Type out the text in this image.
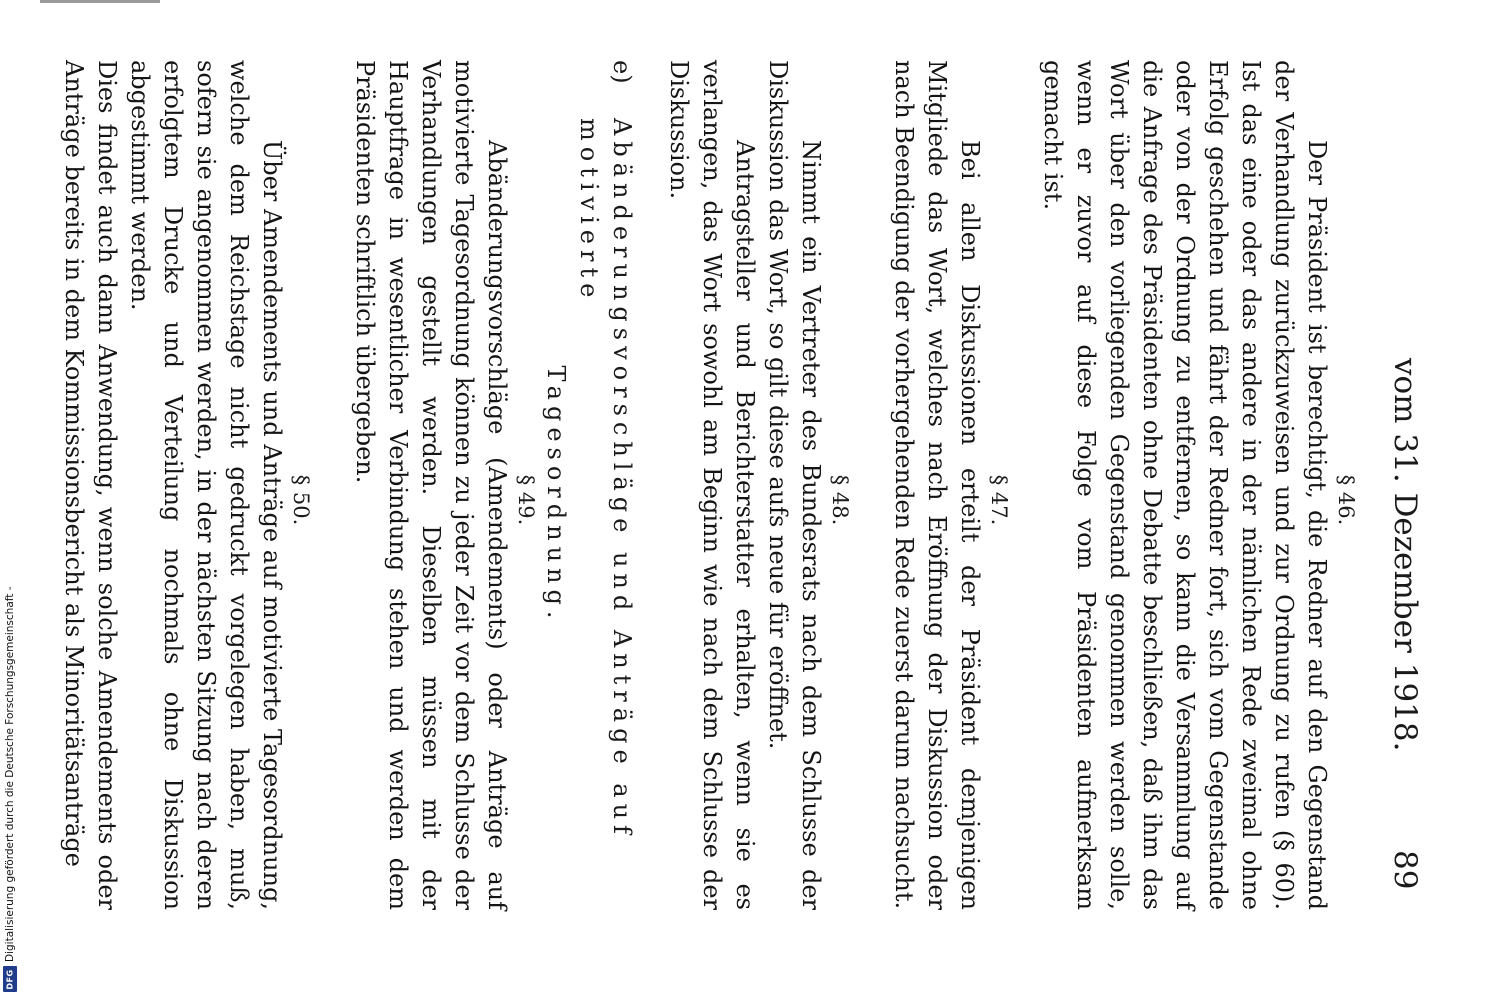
Digitalisierung gefördert durch die Deutsche Forschungsgemeinschaft -
DFG
vom 31. Dezember 1918.
89

§ 46.

Der Präsident ist berechtigt, die Redner auf den Gegenstand der Verhandlung zurückzuweisen und zur Ordnung zu rufen (§ 60). Ist das eine oder das andere in der nämlichen Rede zweimal ohne Erfolg geschehen und fährt der Redner fort, sich vom Gegenstande oder von der Ordnung zu entfernen, so kann die Versammlung auf die Anfrage des Präsidenten ohne Debatte beschließen, daß ihm das Wort über den vorliegenden Gegenstand genommen werden solle, wenn er zuvor auf diese Folge vom Präsidenten aufmerksam gemacht ist.

§ 47.

Bei allen Diskussionen erteilt der Präsident demjenigen Mitgliede das Wort, welches nach Eröffnung der Diskussion oder nach Beendigung der vorhergehenden Rede zuerst darum nachsucht.

§ 48.

Nimmt ein Vertreter des Bundesrats nach dem Schlusse der Diskussion das Wort, so gilt diese aufs neue für eröffnet.

Antragsteller und Berichterstatter erhalten, wenn sie es verlangen, das Wort sowohl am Beginn wie nach dem Schlusse der Diskussion.

e)
Abänderungsvorschläge und Anträge auf motivierte
Tagesordnung.

§ 49.

Abänderungsvorschläge (Amendements) oder Anträge auf motivierte Tagesordnung können zu jeder Zeit vor dem Schlusse der Verhandlungen gestellt werden. Dieselben müssen mit der Hauptfrage in wesentlicher Verbindung stehen und werden dem Präsidenten schriftlich übergeben.

§ 50.

Über Amendements und Anträge auf motivierte Tagesordnung, welche dem Reichstage nicht gedruckt vorgelegen haben, muß, sofern sie angenommen werden, in der nächsten Sitzung nach deren erfolgtem Drucke und Verteilung nochmals ohne Diskussion abgestimmt werden.

Dies findet auch dann Anwendung, wenn solche Amendements oder Anträge bereits in dem Kommissionsbericht als Minoritätsanträge
